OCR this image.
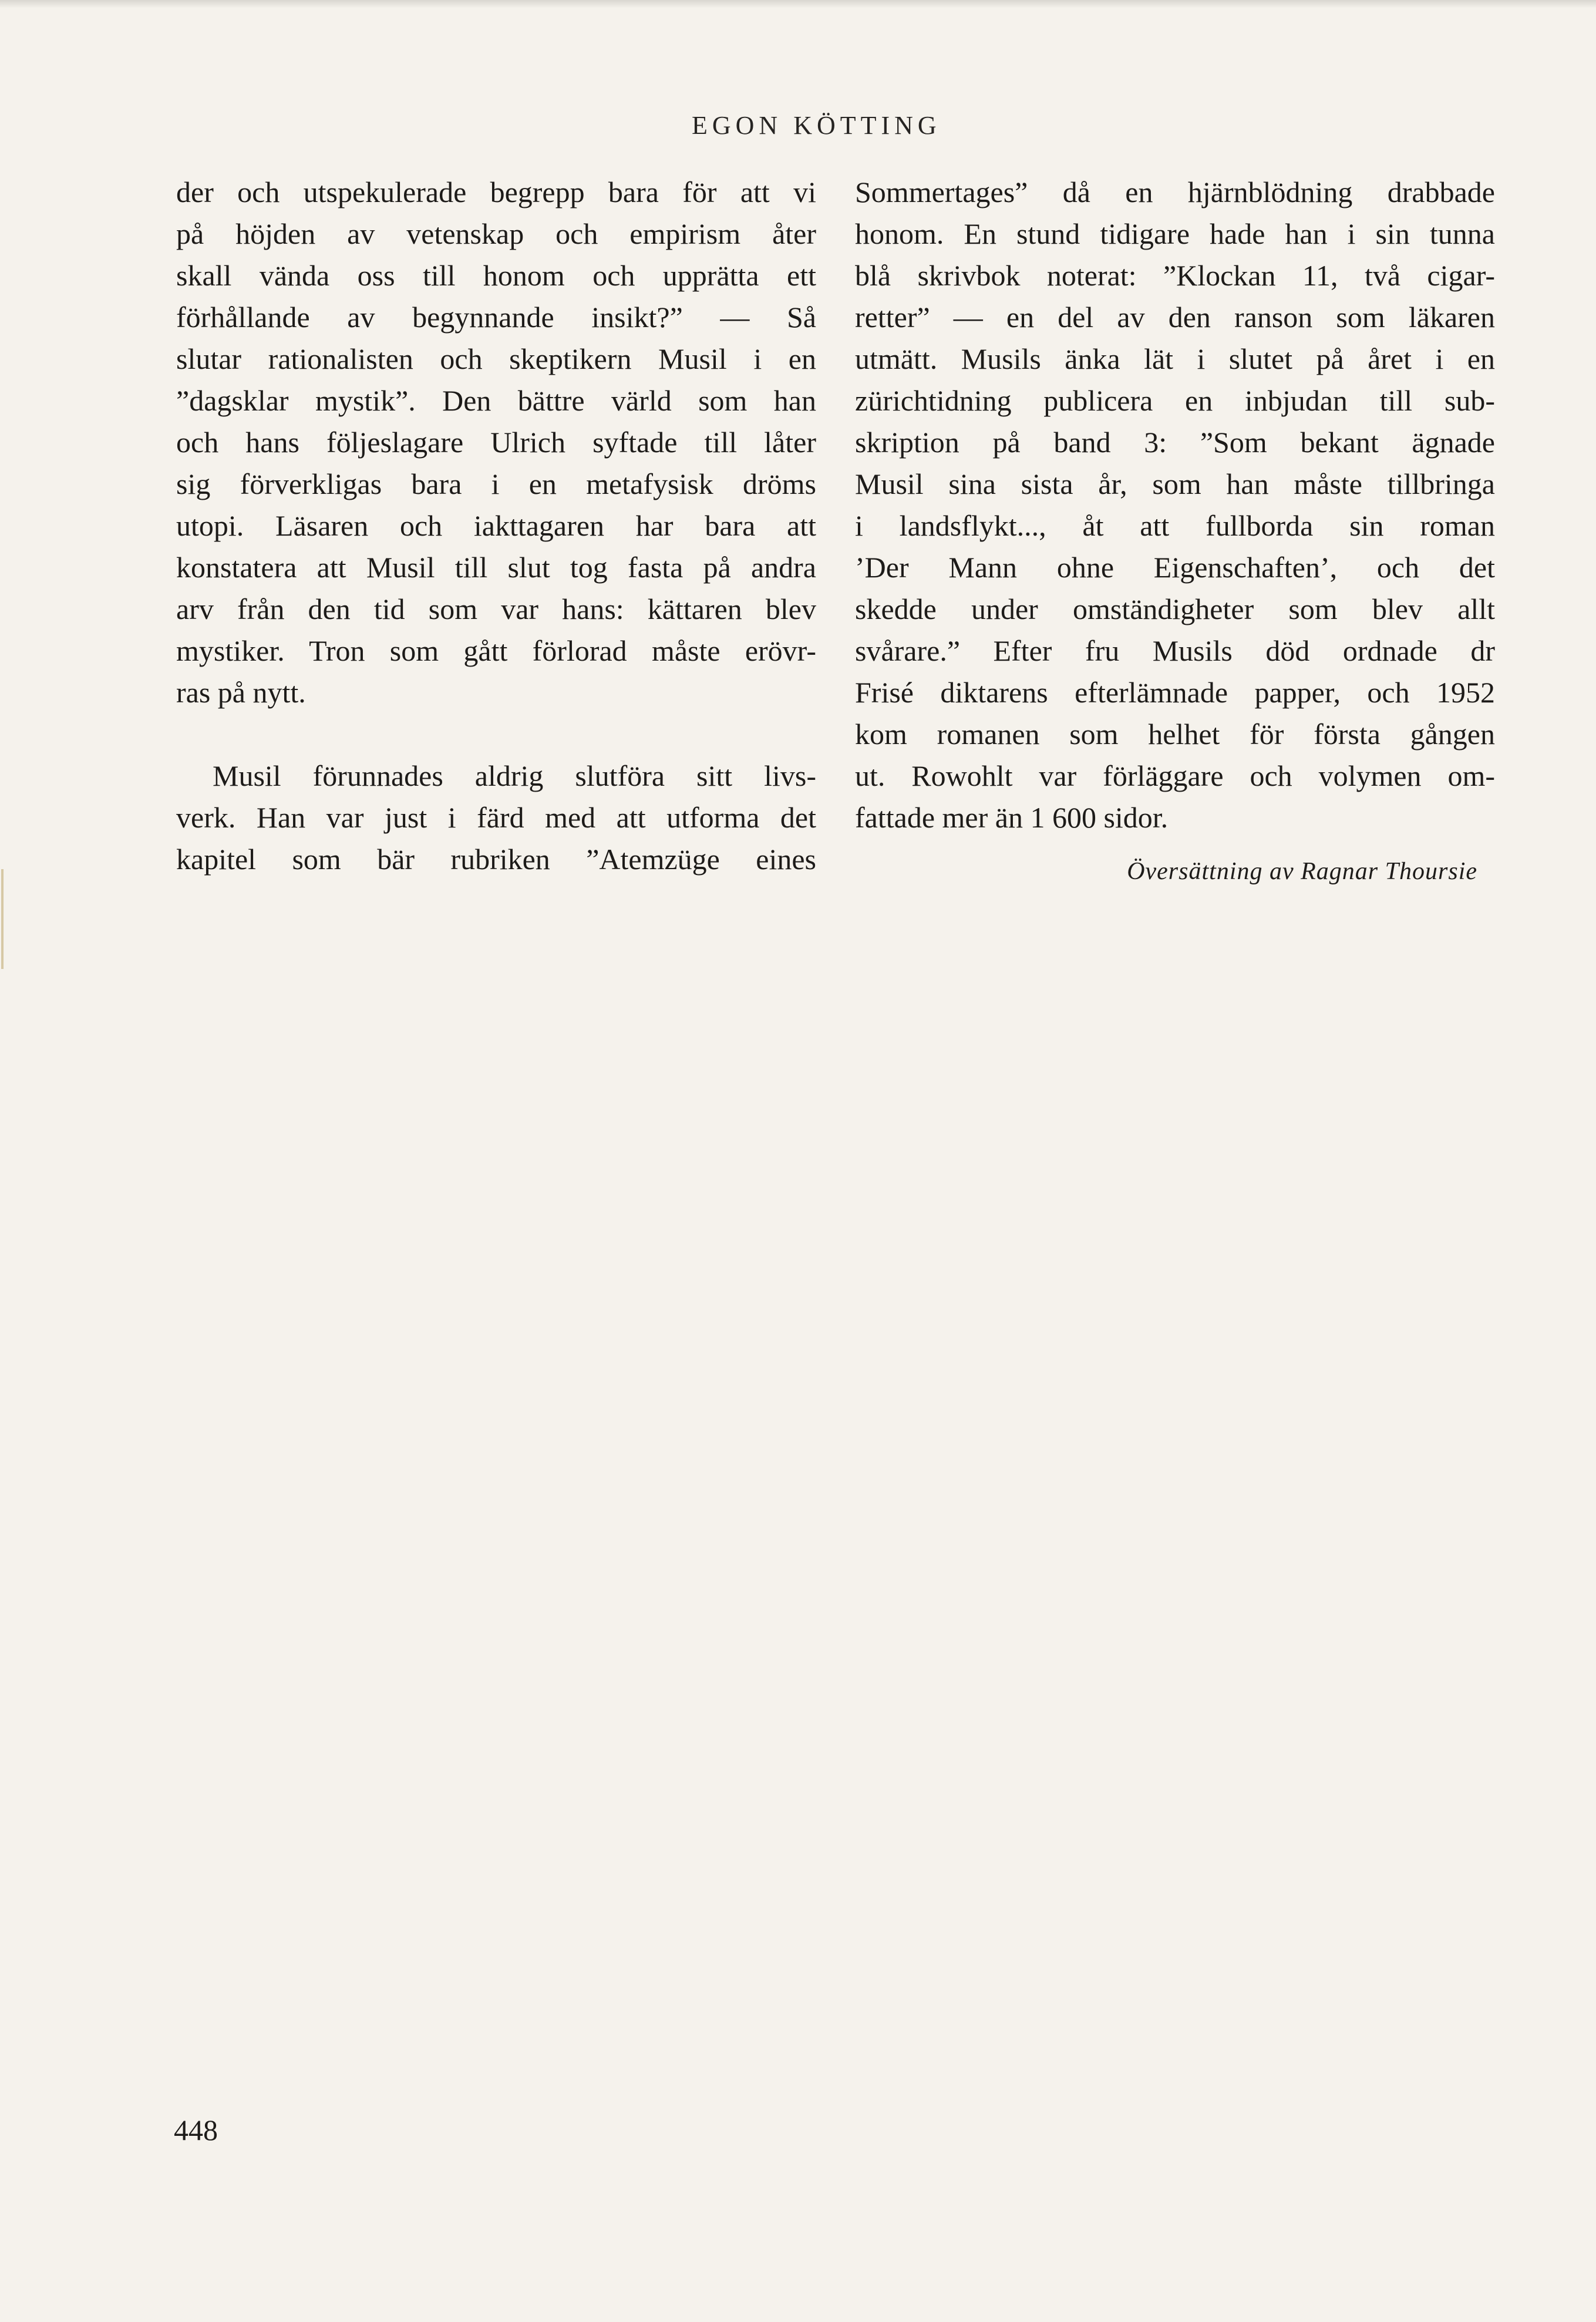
EGON KÖTTING
der och utspekulerade begrepp bara för att vi
på höjden av vetenskap och empirism åter
skall vända oss till honom och upprätta ett
förhållande av begynnande insikt?” — Så
slutar rationalisten och skeptikern Musil i en
”dagsklar mystik”. Den bättre värld som han
och hans följeslagare Ulrich syftade till låter
sig förverkligas bara i en metafysisk dröms
utopi. Läsaren och iakttagaren har bara att
konstatera att Musil till slut tog fasta på andra
arv från den tid som var hans: kättaren blev
mystiker. Tron som gått förlorad måste erövr-
ras på nytt.
Musil förunnades aldrig slutföra sitt livs-
verk. Han var just i färd med att utforma det
kapitel som bär rubriken ”Atemzüge eines
Sommertages” då en hjärnblödning drabbade
honom. En stund tidigare hade han i sin tunna
blå skrivbok noterat: ”Klockan 11, två cigar-
retter” — en del av den ranson som läkaren
utmätt. Musils änka lät i slutet på året i en
zürichtidning publicera en inbjudan till sub-
skription på band 3: ”Som bekant ägnade
Musil sina sista år, som han måste tillbringa
i landsflykt..., åt att fullborda sin roman
’Der Mann ohne Eigenschaften’, och det
skedde under omständigheter som blev allt
svårare.” Efter fru Musils död ordnade dr
Frisé diktarens efterlämnade papper, och 1952
kom romanen som helhet för första gången
ut. Rowohlt var förläggare och volymen om-
fattade mer än 1 600 sidor.
Översättning av Ragnar Thoursie
448
